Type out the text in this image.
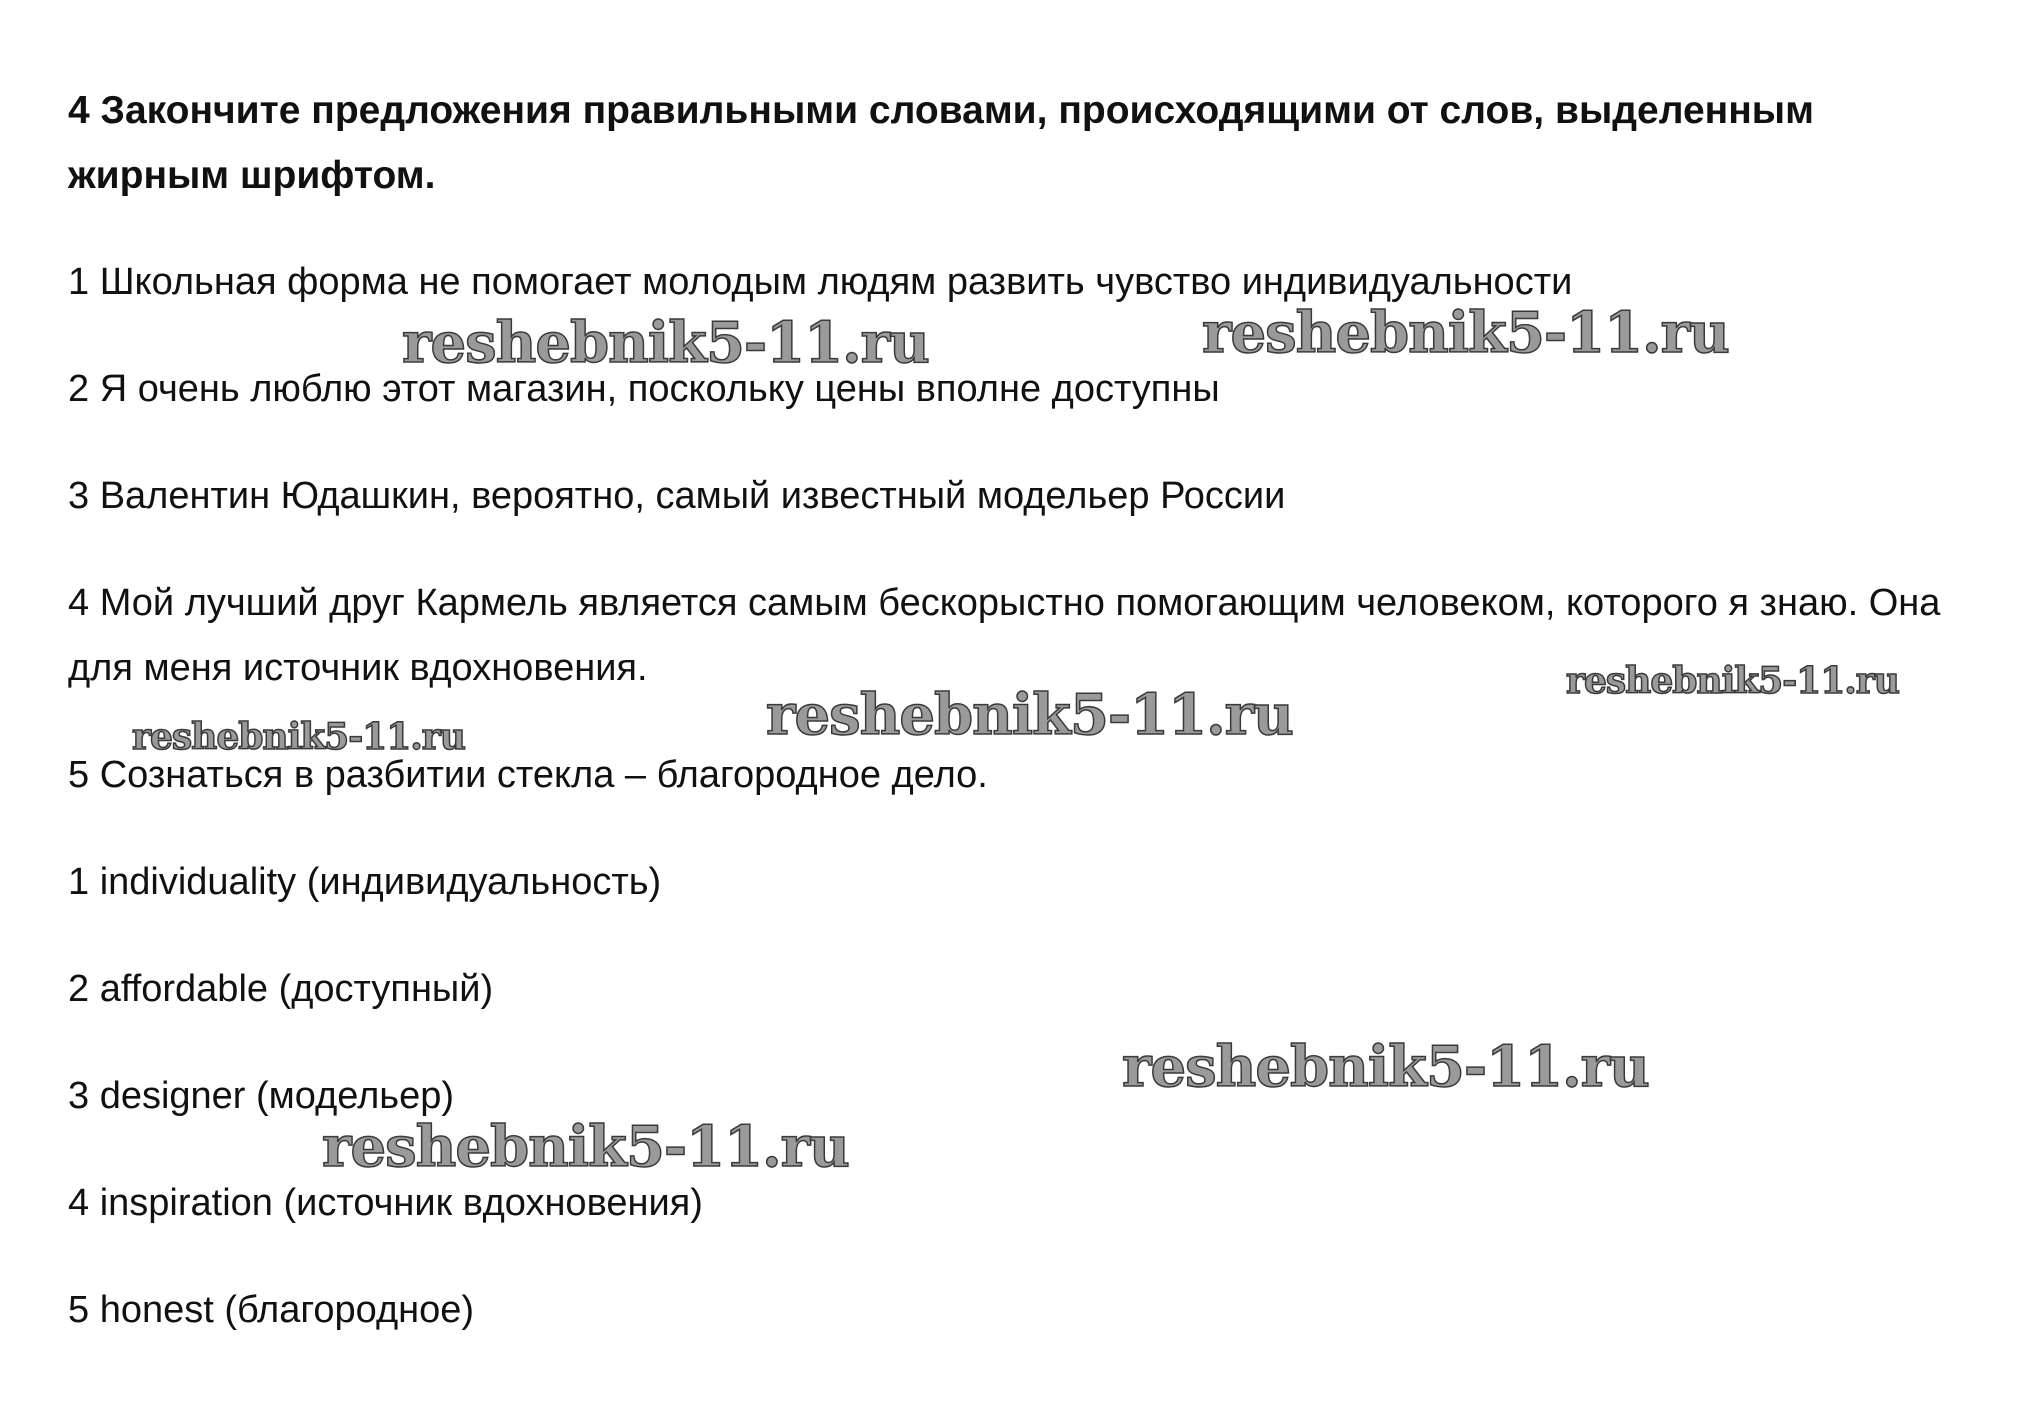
4 Закончите предложения правильными словами, происходящими от слов, выделенным жирным шрифтом.

1 Школьная форма не помогает молодым людям развить чувство индивидуальности

2 Я очень люблю этот магазин, поскольку цены вполне доступны

3 Валентин Юдашкин, вероятно, самый известный модельер России

4 Мой лучший друг Кармель является самым бескорыстно помогающим человеком, которого я знаю. Она для меня источник вдохновения.

5 Сознаться в разбитии стекла – благородное дело.

1 individuality (индивидуальность)

2 affordable (доступный)

3 designer (модельер)

4 inspiration (источник вдохновения)

5 honest (благородное)

reshebnik5-11.ru	reshebnik5-11.ru
reshebnik5-11.ru
reshebnik5-11.ru
reshebnik5-11.ru
reshebnik5-11.ru
reshebnik5-11.ru
